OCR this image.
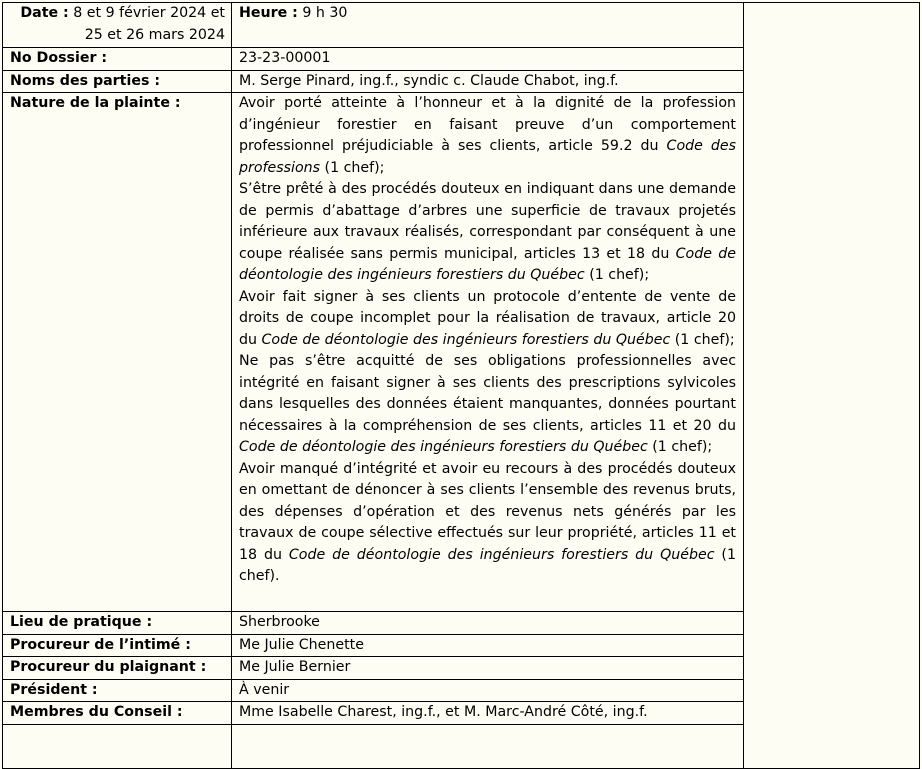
Date : 8 et 9 février 2024 et
25 et 26 mars 2024	Heure : 9 h 30	
No Dossier :	23-23-00001	
Noms des parties :	M. Serge Pinard, ing.f., syndic c. Claude Chabot, ing.f.	
Nature de la plainte :	Avoir porté atteinte à l’honneur et à la dignité de la profession d’ingénieur forestier en faisant preuve d’un comportement professionnel préjudiciable à ses clients, article 59.2 du Code des professions (1 chef);
S’être prêté à des procédés douteux en indiquant dans une demande de permis d’abattage d’arbres une superficie de travaux projetés inférieure aux travaux réalisés, correspondant par conséquent à une coupe réalisée sans permis municipal, articles 13 et 18 du Code de déontologie des ingénieurs forestiers du Québec (1 chef);
Avoir fait signer à ses clients un protocole d’entente de vente de droits de coupe incomplet pour la réalisation de travaux, article 20 du Code de déontologie des ingénieurs forestiers du Québec (1 chef);
Ne pas s’être acquitté de ses obligations professionnelles avec intégrité en faisant signer à ses clients des prescriptions sylvicoles dans lesquelles des données étaient manquantes, données pourtant nécessaires à la compréhension de ses clients, articles 11 et 20 du Code de déontologie des ingénieurs forestiers du Québec (1 chef);
Avoir manqué d’intégrité et avoir eu recours à des procédés douteux en omettant de dénoncer à ses clients l’ensemble des revenus bruts, des dépenses d’opération et des revenus nets générés par les travaux de coupe sélective effectués sur leur propriété, articles 11 et 18 du Code de déontologie des ingénieurs forestiers du Québec (1 chef).	

Lieu de pratique :	Sherbrooke	
Procureur de l’intimé :	Me Julie Chenette	
Procureur du plaignant :	Me Julie Bernier	
Président :	À venir	
Membres du Conseil :	Mme Isabelle Charest, ing.f., et M. Marc-André Côté, ing.f.	
